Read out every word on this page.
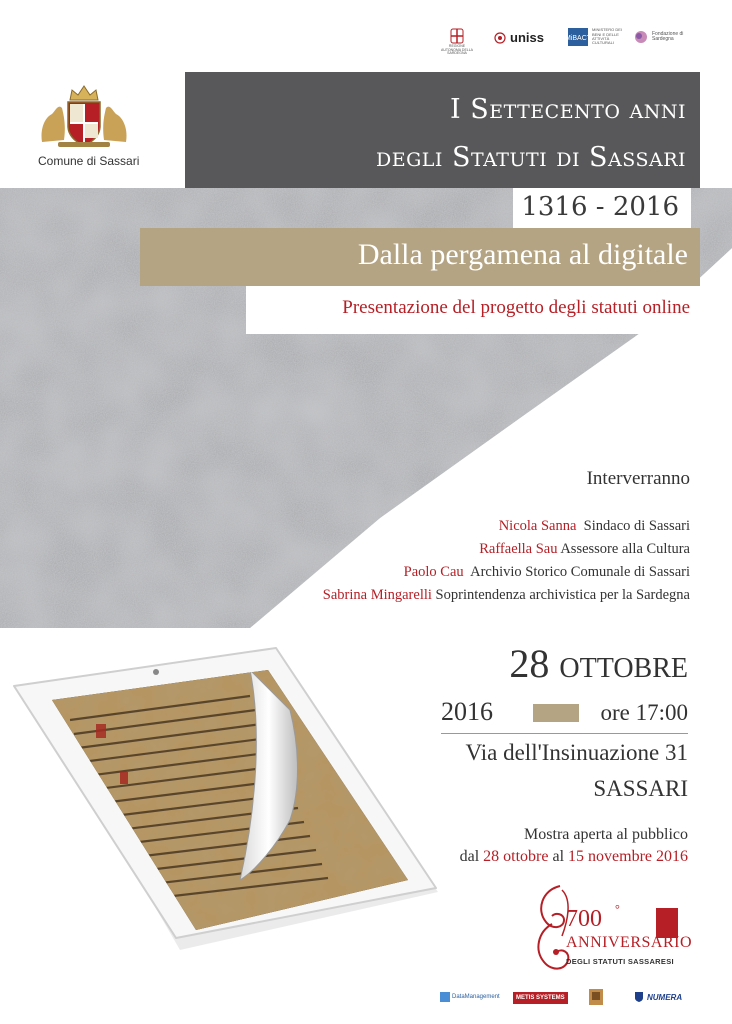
REGIONE AUTONOMA DELLA SARDEGNA
uniss	MiBACT
MINISTERO DEI BENI E DELLE ATTIVITÀ CULTURALI
Fondazione di Sardegna
Comune di Sassari
I Settecento anni
degli Statuti di Sassari
1316 - 2016
Dalla pergamena al digitale
Presentazione del progetto degli statuti online
Interverranno
Nicola Sanna Sindaco di Sassari
Raffaella Sau Assessore alla Cultura
Paolo Cau Archivio Storico Comunale di Sassari
Sabrina Mingarelli Soprintendenza archivistica per la Sardegna
28 ottobre
2016	ore 17:00
Via dell'Insinuazione 31
SASSARI
Mostra aperta al pubblico
dal 28 ottobre al 15 novembre 2016
700 °
ANNIVERSARIO
DEGLI STATUTI SASSARESI
DataManagement	METIS SYSTEMS	NUMERA
